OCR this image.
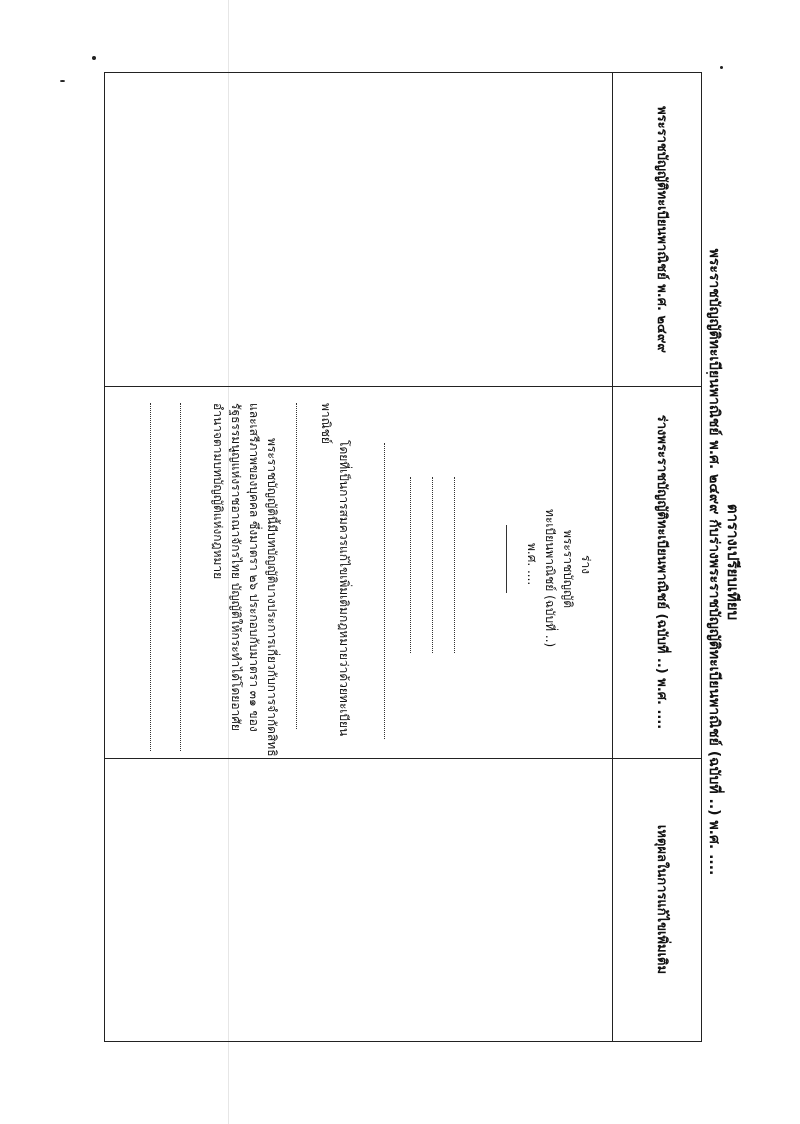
ตารางเปรียบเทียบ
พระราชบัญญัติทะเบียนพาณิชย์ พ.ศ. ๒๔๙๙ กับร่างพระราชบัญญัติทะเบียนพาณิชย์ (ฉบับที่ ..) พ.ศ. ....
พระราชบัญญัติทะเบียนพาณิชย์ พ.ศ. ๒๔๙๙
ร่างพระราชบัญญัติทะเบียนพาณิชย์ (ฉบับที่ ..) พ.ศ. ....
เหตุผลในการแก้ไขเพิ่มเติม
ร่าง
พระราชบัญญัติ
ทะเบียนพาณิชย์ (ฉบับที่ ..)
พ.ศ. ....
โดยที่เป็นการสมควรแก้ไขเพิ่มเติมกฎหมายว่าด้วยทะเบียน
พาณิชย์
พระราชบัญญัตินี้มีบทบัญญัติบางประการเกี่ยวกับการจำกัดสิทธิ
และเสรีภาพของบุคคล ซึ่งมาตรา ๒๖ ประกอบกับมาตรา ๓๑ ของ
รัฐธรรมนูญแห่งราชอาณาจักรไทย บัญญัติให้กระทำได้โดยอาศัย
อำนาจตามบทบัญญัติแห่งกฎหมาย
